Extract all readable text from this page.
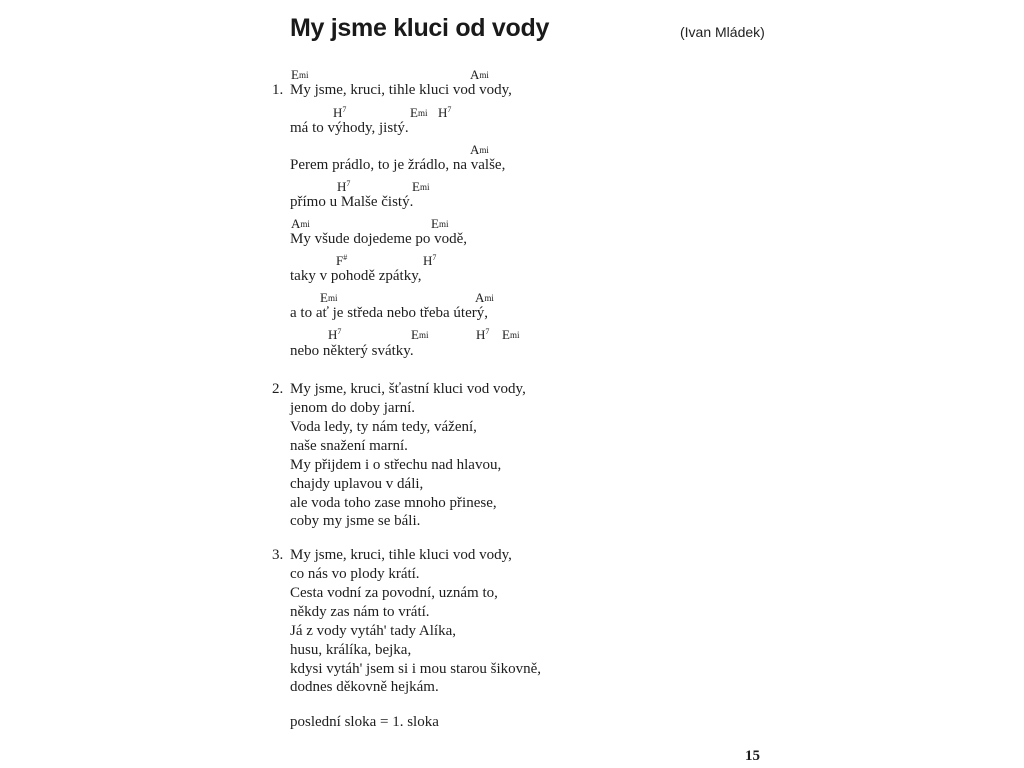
My jsme kluci od vody	(Ivan Mládek)
Emi	Ami
1. My jsme, kruci, tihle kluci vod vody,
$H^7$	Emi $H^7$
má to výhody, jistý.
Ami
Perem prádlo, to je žrádlo, na valše,
$H^7$	Emi
přímo u Malše čistý.
Ami	Emi
My všude dojedeme po vodě,
F#	$H^7$
taky v pohodě zpátky,
Emi	Ami
a to ať je středa nebo třeba úterý,
$H^7$	Emi	$H^7$ Emi
nebo některý svátky.
2. My jsme, kruci, šťastní kluci vod vody,
jenom do doby jarní.
Voda ledy, ty nám tedy, vážení,
naše snažení marní.
My přijdem i o střechu nad hlavou,
chajdy uplavou v dáli,
ale voda toho zase mnoho přinese,
coby my jsme se báli.
3. My jsme, kruci, tihle kluci vod vody,
co nás vo plody krátí.
Cesta vodní za povodní, uznám to,
někdy zas nám to vrátí.
Já z vody vytáh' tady Alíka,
husu, králíka, bejka,
kdysi vytáh' jsem si i mou starou šikovně,
dodnes děkovně hejkám.
poslední sloka = 1. sloka
15
